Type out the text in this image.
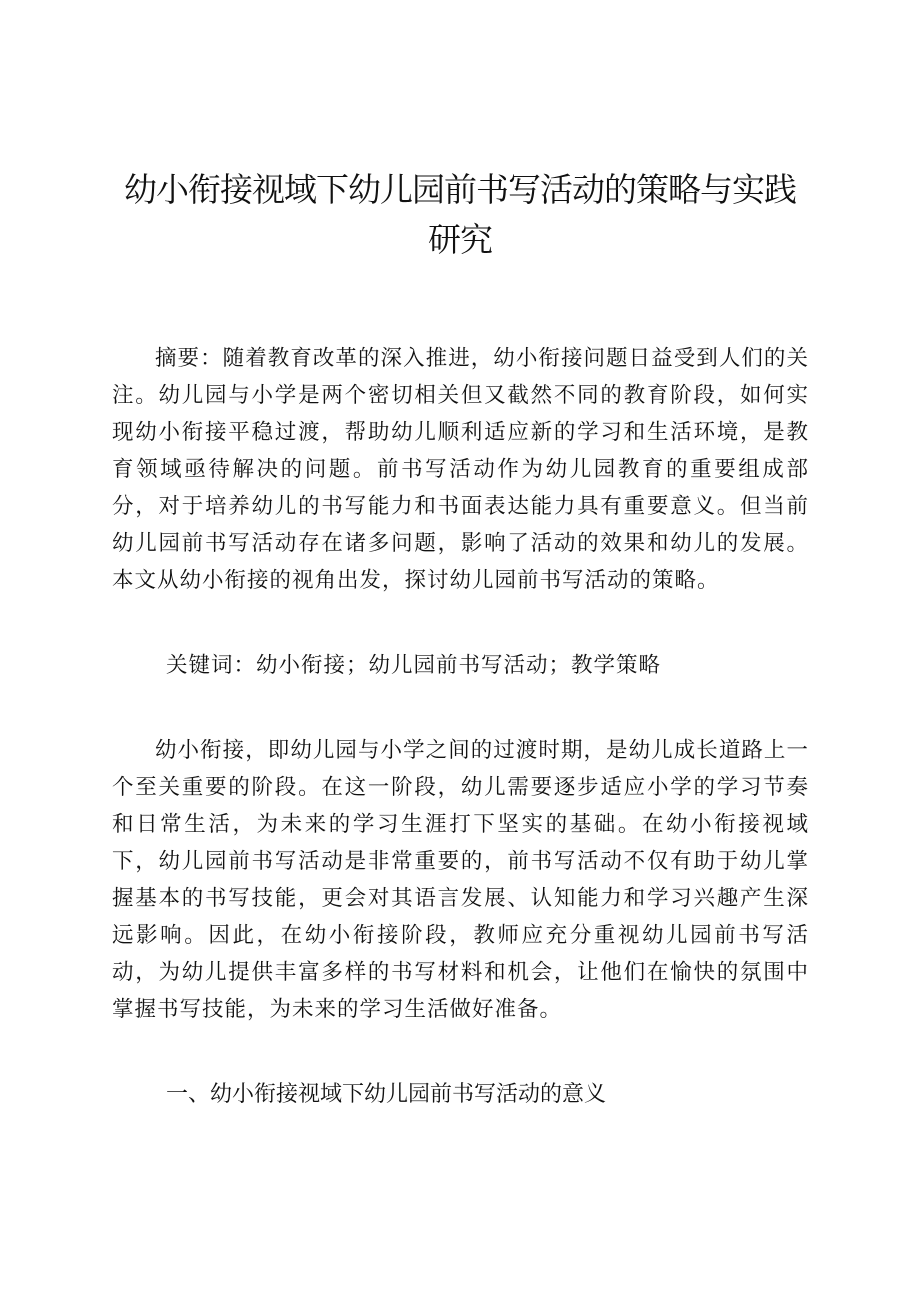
幼小衔接视域下幼儿园前书写活动的策略与实践研究

摘要：随着教育改革的深入推进，幼小衔接问题日益受到人们的关注。幼儿园与小学是两个密切相关但又截然不同的教育阶段，如何实现幼小衔接平稳过渡，帮助幼儿顺利适应新的学习和生活环境，是教育领域亟待解决的问题。前书写活动作为幼儿园教育的重要组成部分，对于培养幼儿的书写能力和书面表达能力具有重要意义。但当前幼儿园前书写活动存在诸多问题，影响了活动的效果和幼儿的发展。本文从幼小衔接的视角出发，探讨幼儿园前书写活动的策略。

关键词：幼小衔接；幼儿园前书写活动；教学策略

幼小衔接，即幼儿园与小学之间的过渡时期，是幼儿成长道路上一个至关重要的阶段。在这一阶段，幼儿需要逐步适应小学的学习节奏和日常生活，为未来的学习生涯打下坚实的基础。在幼小衔接视域下，幼儿园前书写活动是非常重要的，前书写活动不仅有助于幼儿掌握基本的书写技能，更会对其语言发展、认知能力和学习兴趣产生深远影响。因此，在幼小衔接阶段，教师应充分重视幼儿园前书写活动，为幼儿提供丰富多样的书写材料和机会，让他们在愉快的氛围中掌握书写技能，为未来的学习生活做好准备。

一、幼小衔接视域下幼儿园前书写活动的意义
